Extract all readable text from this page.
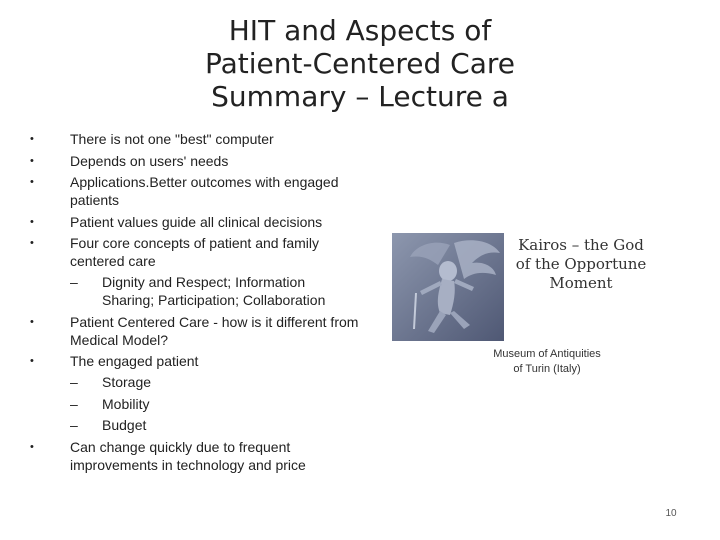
HIT and Aspects of
Patient-Centered Care
Summary – Lecture a
•	There is not one "best" computer
•	Depends on users' needs
•	Applications.Better outcomes with engaged patients
•	Patient values guide all clinical decisions
•	Four core concepts of patient and family centered care
– Dignity and Respect; Information Sharing; Participation; Collaboration
•	Patient Centered Care - how is it different from Medical Model?
•	The engaged patient
– Storage
– Mobility
– Budget
•	Can change quickly due to frequent improvements in technology and price
Kairos – the God
of the Opportune
Moment
Museum of Antiquities
of Turin (Italy)
10
